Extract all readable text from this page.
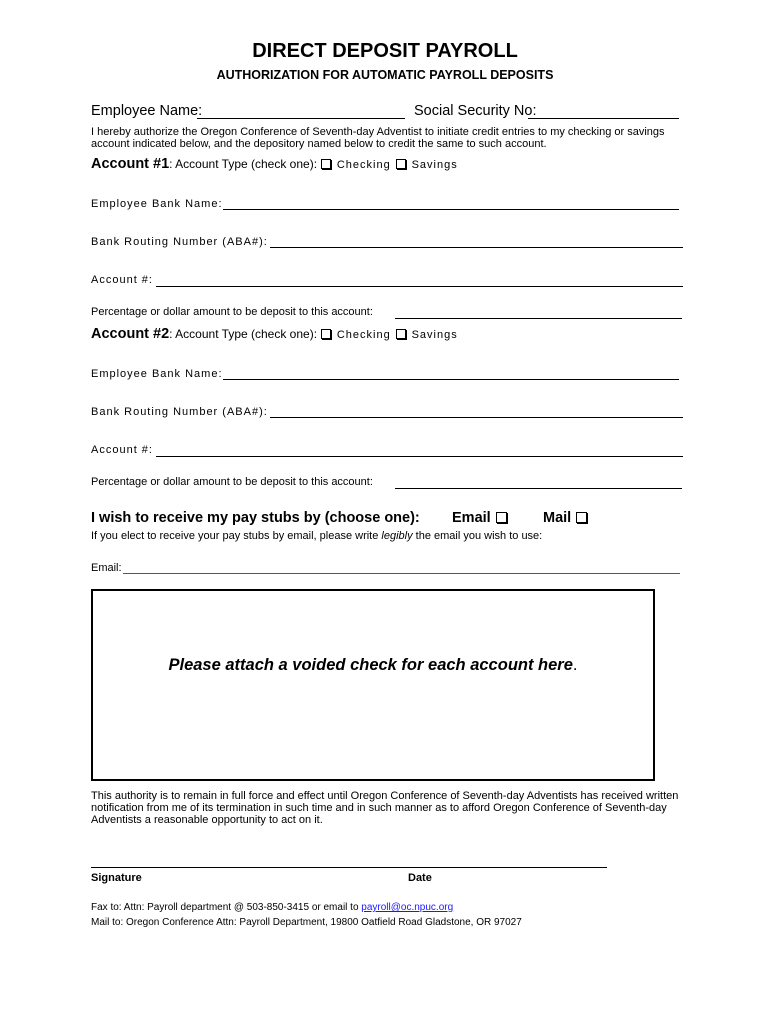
DIRECT DEPOSIT PAYROLL
AUTHORIZATION FOR AUTOMATIC PAYROLL DEPOSITS
Employee Name:	Social Security No:
I hereby authorize the Oregon Conference of Seventh-day Adventist to initiate credit entries to my checking or savings account indicated below, and the depository named below to credit the same to such account.
Account #1: Account Type (check one):  Checking Savings
Employee Bank Name:
Bank Routing Number (ABA#):
Account #:
Percentage or dollar amount to be deposit to this account:
Account #2: Account Type (check one):  Checking Savings
Employee Bank Name:
Bank Routing Number (ABA#):
Account #:
Percentage or dollar amount to be deposit to this account:
I wish to receive my pay stubs by (choose one): Email	Mail
If you elect to receive your pay stubs by email, please write legibly the email you wish to use:
Email:
Please attach a voided check for each account here.
This authority is to remain in full force and effect until Oregon Conference of Seventh-day Adventists has received written notification from me of its termination in such time and in such manner as to afford Oregon Conference of Seventh-day Adventists a reasonable opportunity to act on it.
Signature	Date
Fax to: Attn: Payroll department @ 503-850-3415 or email to payroll@oc.npuc.org
Mail to: Oregon Conference Attn: Payroll Department, 19800 Oatfield Road Gladstone, OR 97027
